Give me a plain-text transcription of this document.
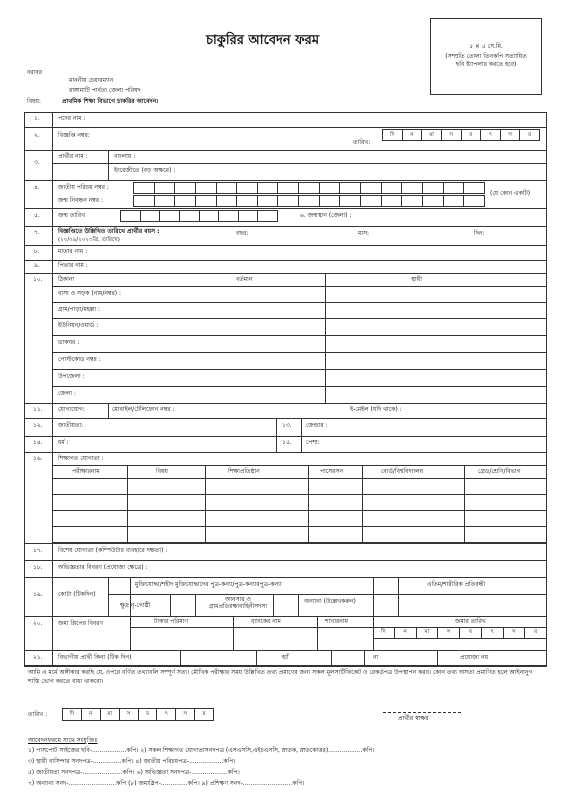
চাকুরির আবেদন ফরম	৫ × ৫ সে.মি.
(সম্প্রতি তোলা তিনকপি সত্যায়িত ছবি ষ্ট্যাপলার করতে হবে)
বরাবর
মাননীয় চেয়ারম্যান
রাঙ্গামাটি পার্বত্য জেলা পরিষদ
বিষয়:	প্রাথমিক শিক্ষা বিভাগে চাকরির আবেদন।
১.	পদের নাম :
২.	বিজ্ঞপ্তি নম্বর:
তারিখ:
দি	ন	মা	স	ব	ৎ	স	র
৩.
প্রার্থীর নাম :	বাংলায় :
ইংরেজীতে (বড় অক্ষরে) :
৪.	জাতীয় পরিচয় নম্বর :
জন্ম নিবন্ধন নম্বর :
(যে কোন একটি)
৫.	জন্ম তারিখ	৬. জন্মস্থান (জেলা) :
৭.	বিজ্ঞপ্তিতে উল্লিখিত তারিখে প্রার্থীর বয়স :
(২০/০৯/২০২৩খ্রি. তারিখে)
বছর:	মাস:	দিন:
৮.	মাতার নাম :
৯.	পিতার নাম :
১০.	ঠিকানা	বর্তমান	স্থায়ী
বাসা ও সড়ক (নাম/নম্বর) :
গ্রাম/পাড়া/মহল্লা :
ইউনিয়ন/ওয়ার্ড :
ডাকঘর :
পোস্টকোড নম্বর :
উপজেলা :
জেলা :
১১.	যোগাযোগ:	মোবাইল/টেলিফোন নম্বর :	ই-মেইল (যদি থাকে) :
১২.	জাতীয়তা:	১৩. জেন্ডার :
১৪.	ধর্ম :	১৫. পেশা:
১৬.	শিক্ষাগত যোগ্যতা :
পরীক্ষারনাম	বিষয়	শিক্ষাপ্রতিষ্ঠান	পাসেরসন	বোর্ড/বিশ্ববিদ্যালয়	গ্রেড/শ্রেণি/বিভাগ
১৭.	বিশেষ যোগ্যতা (কম্পিউটার ব্যবহারে দক্ষতা) :
১৮.	অভিজ্ঞতার বিবরণ (প্রযোজ্য ক্ষেত্রে) :
১৯.	কোটা (টিকদিন)
মুক্তিযোদ্ধা/শহীদ মুক্তিযোদ্ধাদের পুত্র-কন্যা/পুত্র-কন্যারপুত্র-কন্যা	এতিম/শারীরিক প্রতিবন্ধী
ক্ষুদ্র নৃ-গোষ্ঠী
আনসার ও গ্রামপ্রতিরক্ষাবাহিনীসদস্য
অন্যান্য (উল্লেখকরুন)
২০.	জমা প্লিপের বিবরণ	টাকার পরিমাণ	ব্যাংকের নাম	শাখারনাম	জমার তারিখ
দি	ন	মা	স	ব	ৎ	স	র
২১.	বিভাগীয় প্রার্থী কিনা (টিক দিন)	হ্যাঁ	না	প্রযোজ্য নয়
আমি এ মর্মে অঙ্গীকার করছি যে, ওপরে বর্ণিত তথ্যাবলি সম্পূর্ণ সত্য। মৌখিক পরীক্ষার সময় উল্লিখিত তথ্য প্রমাণের জন্য সকল মূলসার্টিফিকেট ও রেকর্ডপত্র উপস্থাপন করব। কোন তথ্য অসত্য প্রমাণিত হলে আইনানুগ শাস্তি ভোগ করতে বাধ্য থাকবো।
তারিখ :	দি	ন	মা	স	ব	ৎ	স	র
প্রার্থীর স্বাক্ষর
আবেদনফরমে সাথে সংযুক্তিঃ
১) পাসপোর্ট সাইজের ছবি-..................কপি। ২) সকল শিক্ষাগত যোগ্যতাসনদপত্র (এসএসসি,এইচএসসি, স্নাতক, স্নাতকোত্তর)..................কপি।
৩) স্থায়ী বাসিন্দার সনদপত্র-...............কপি। ৪) জাতীয় পরিচয়পত্র-..................কপি।
৫) জাতীয়তা সনদপত্র-.....................কপি। ৬) অভিজ্ঞতা সনদপত্র-...................কপি।
৭) অন্যান্য সনদ-.........................কপি (৮) জমাস্লিপ-..............কপি। ৯) প্রশিক্ষণ সনদ-..........................কপি।
